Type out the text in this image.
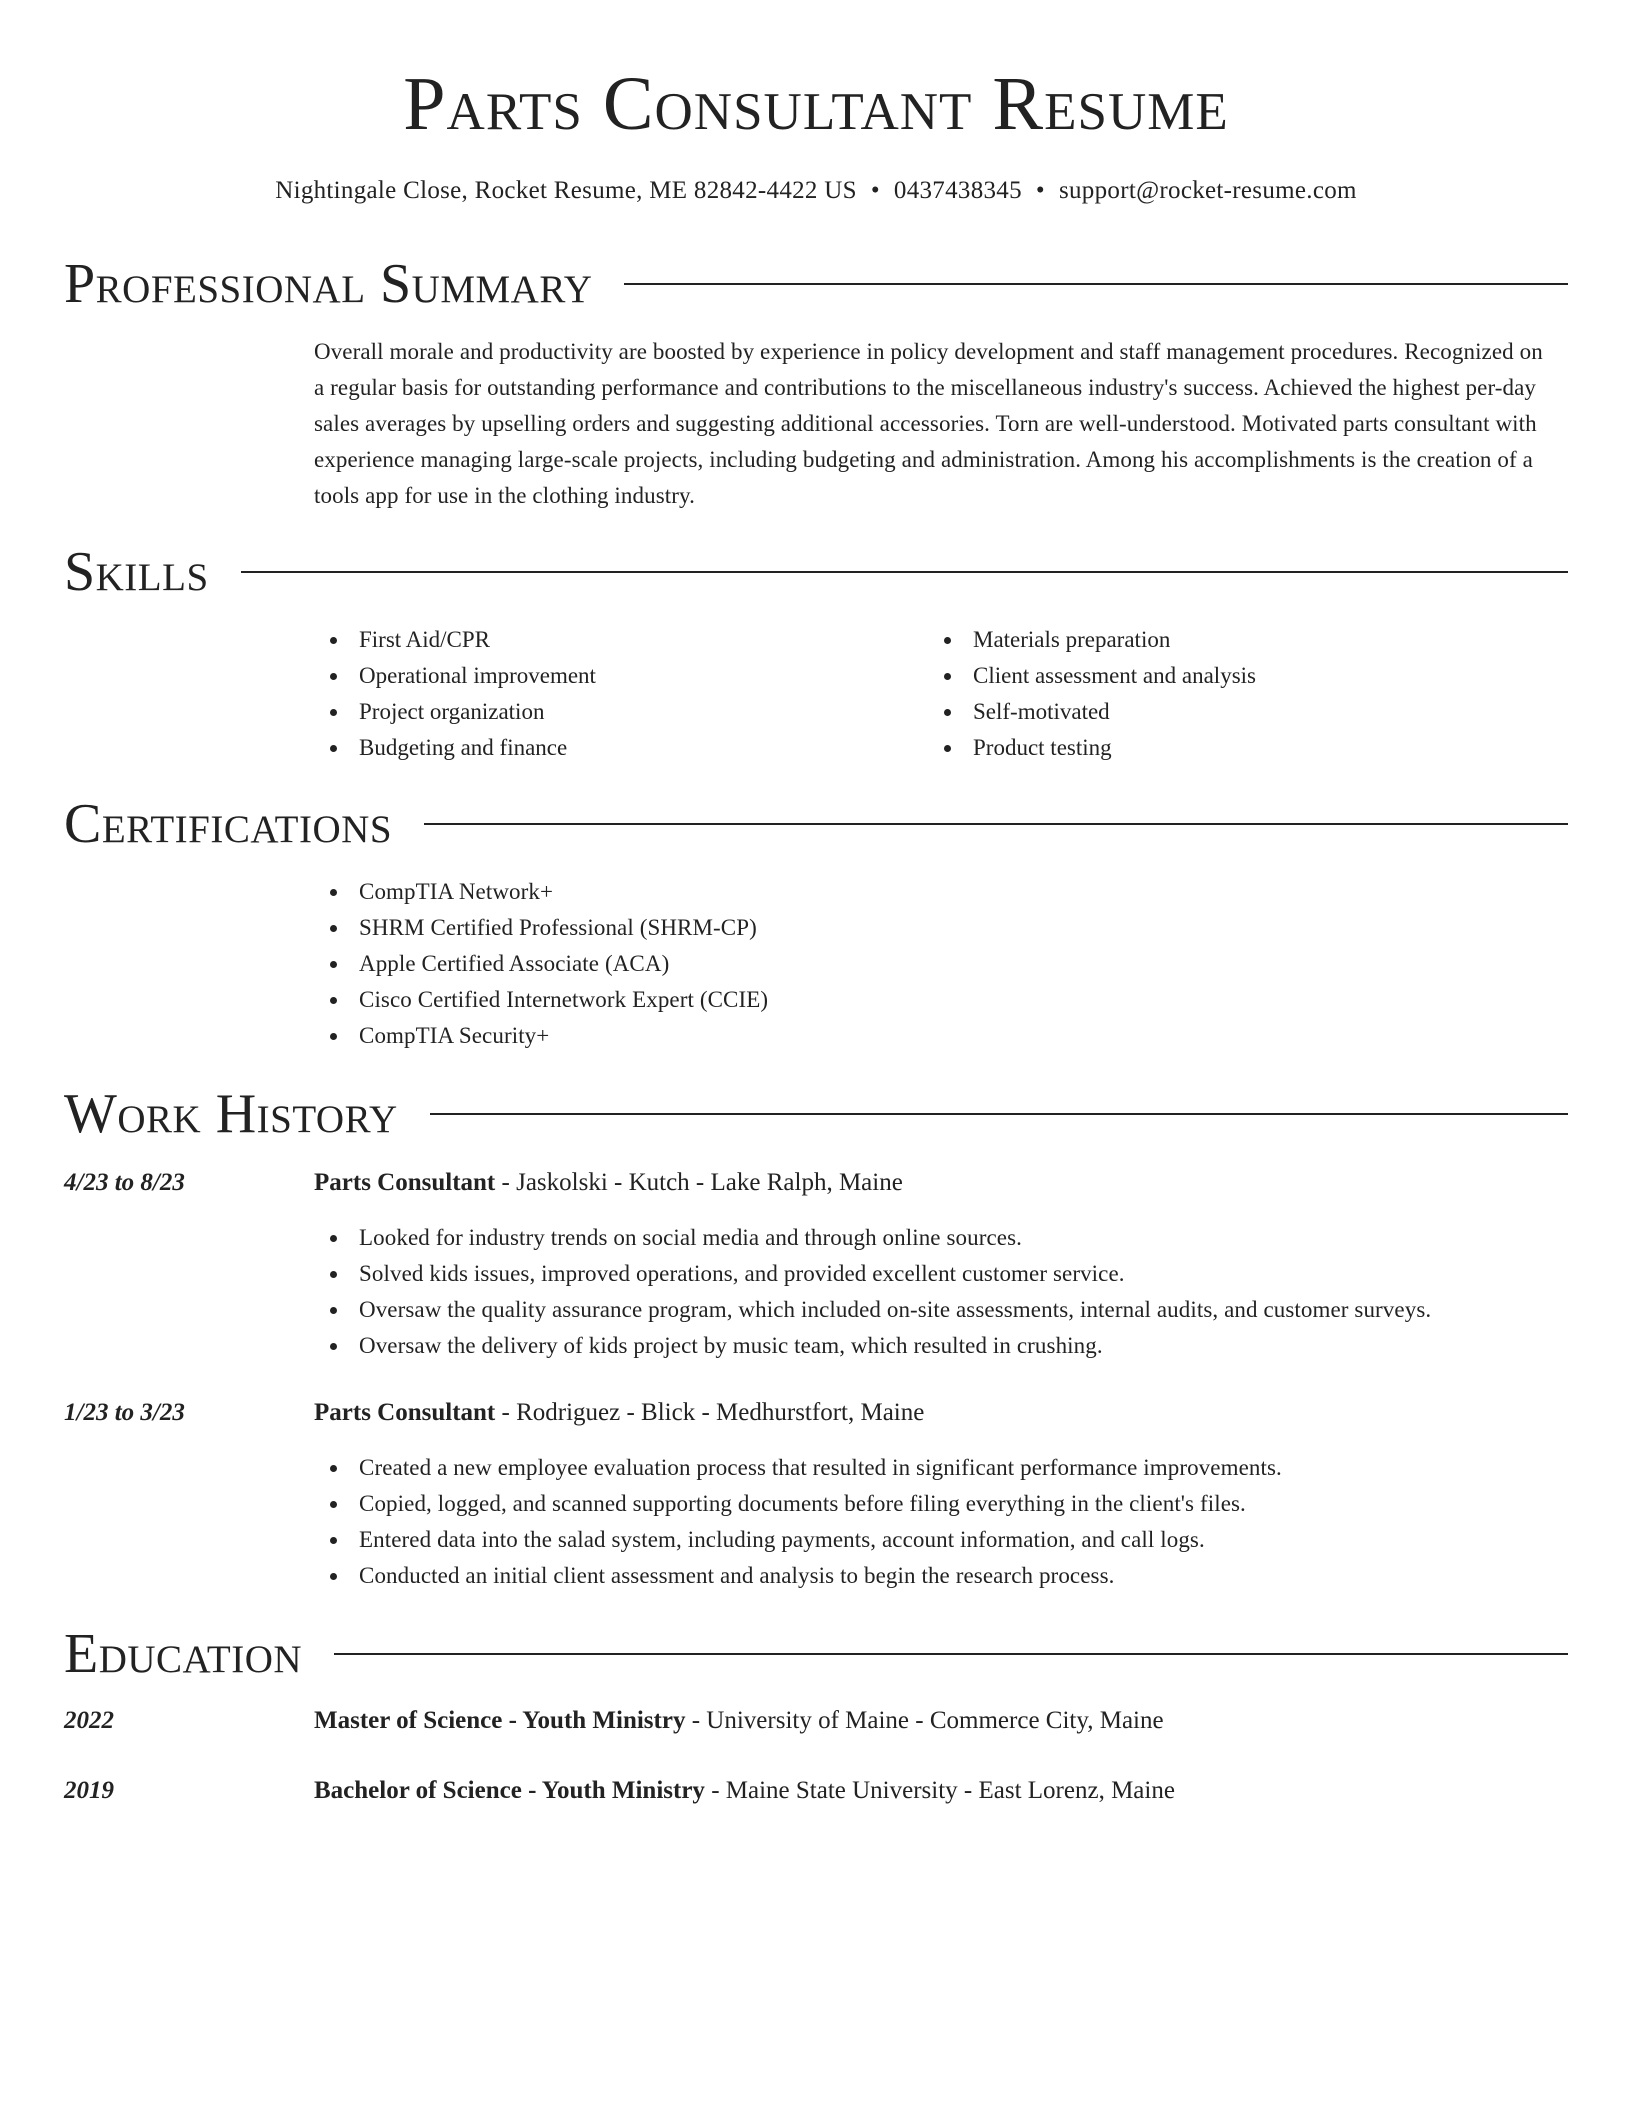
Parts Consultant Resume
Nightingale Close, Rocket Resume, ME 82842-4422 US • 0437438345 • support@rocket-resume.com
Professional Summary
Overall morale and productivity are boosted by experience in policy development and staff management procedures. Recognized on a regular basis for outstanding performance and contributions to the miscellaneous industry's success. Achieved the highest per-day sales averages by upselling orders and suggesting additional accessories. Torn are well-understood. Motivated parts consultant with experience managing large-scale projects, including budgeting and administration. Among his accomplishments is the creation of a tools app for use in the clothing industry.
Skills
First Aid/CPR
Operational improvement
Project organization
Budgeting and finance
Materials preparation
Client assessment and analysis
Self-motivated
Product testing
Certifications
CompTIA Network+
SHRM Certified Professional (SHRM-CP)
Apple Certified Associate (ACA)
Cisco Certified Internetwork Expert (CCIE)
CompTIA Security+
Work History
4/23 to 8/23	Parts Consultant - Jaskolski - Kutch - Lake Ralph, Maine
Looked for industry trends on social media and through online sources.
Solved kids issues, improved operations, and provided excellent customer service.
Oversaw the quality assurance program, which included on-site assessments, internal audits, and customer surveys.
Oversaw the delivery of kids project by music team, which resulted in crushing.
1/23 to 3/23	Parts Consultant - Rodriguez - Blick - Medhurstfort, Maine
Created a new employee evaluation process that resulted in significant performance improvements.
Copied, logged, and scanned supporting documents before filing everything in the client's files.
Entered data into the salad system, including payments, account information, and call logs.
Conducted an initial client assessment and analysis to begin the research process.
Education
2022	Master of Science - Youth Ministry - University of Maine - Commerce City, Maine
2019	Bachelor of Science - Youth Ministry - Maine State University - East Lorenz, Maine
